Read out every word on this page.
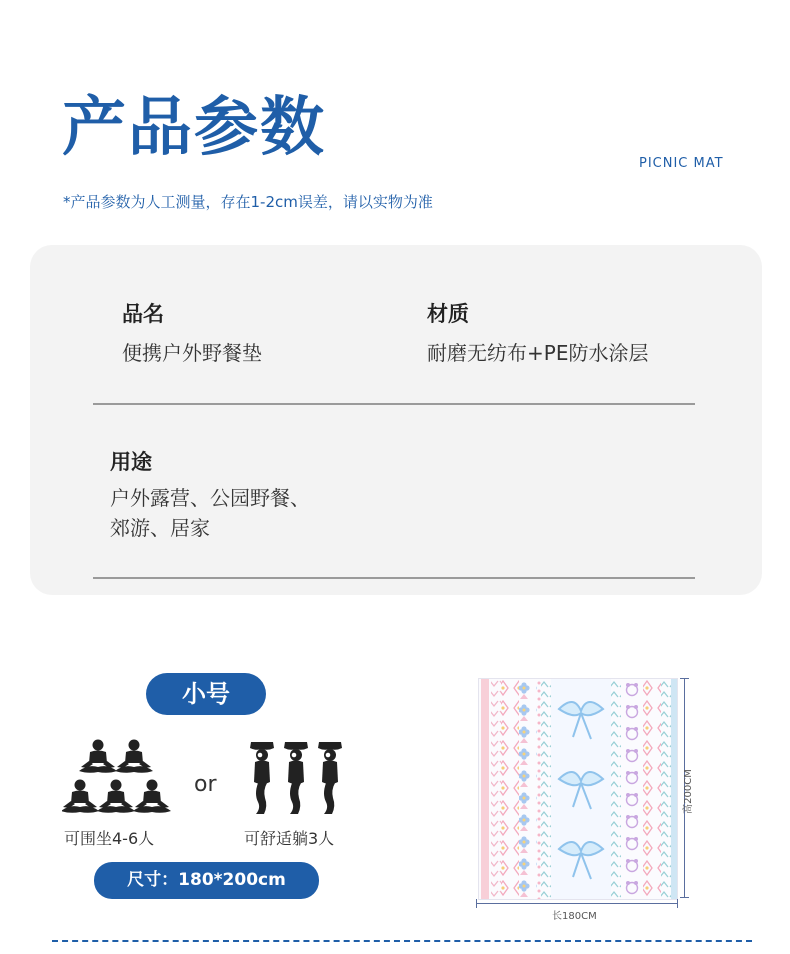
产品参数	PICNIC MAT
*产品参数为人工测量，存在1-2cm误差，请以实物为准
品名
便携户外野餐垫
材质
耐磨无纺布+PE防水涂层
用途
户外露营、公园野餐、
郊游、居家
小号
or
可围坐4-6人	可舒适躺3人
尺寸：180*200cm
长180CM
高200CM
